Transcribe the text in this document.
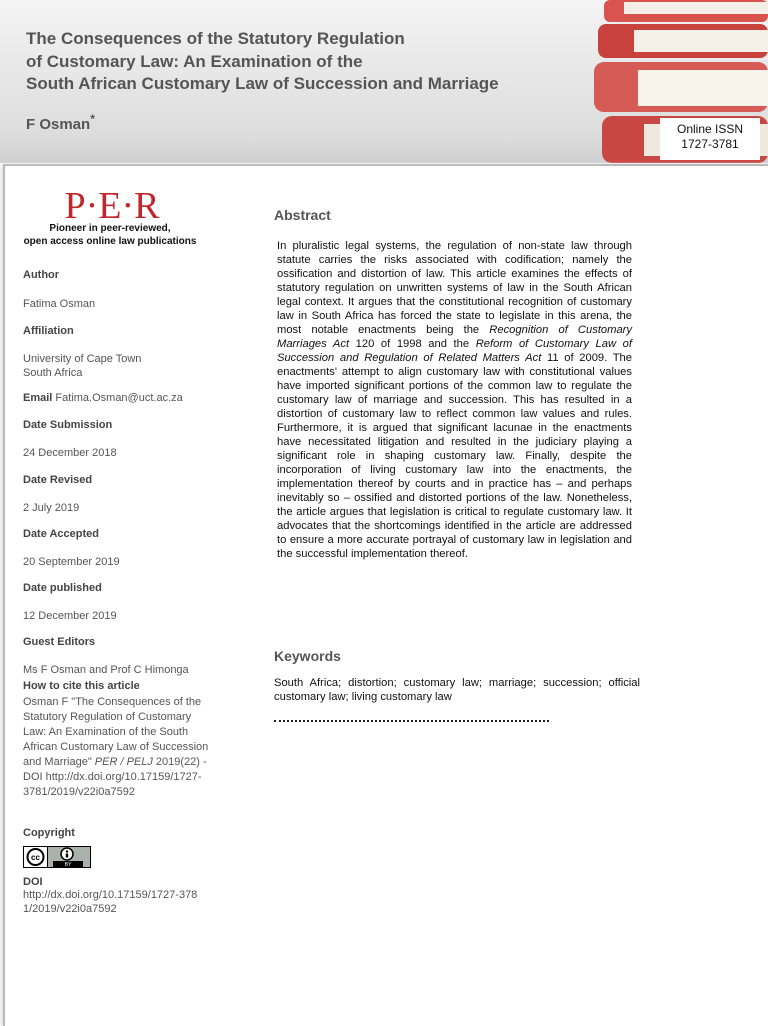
The Consequences of the Statutory Regulation
of Customary Law: An Examination of the
South African Customary Law of Succession and Marriage
F Osman*
Online ISSN
1727-3781
P·E·R
Pioneer in peer-reviewed,
open access online law publications
Author
Fatima Osman
Affiliation
University of Cape Town
South Africa
Email Fatima.Osman@uct.ac.za
Date Submission
24 December 2018
Date Revised
2 July 2019
Date Accepted
20 September 2019
Date published
12 December 2019
Guest Editors
Ms F Osman and Prof C Himonga
How to cite this article
Osman F "The Consequences of the Statutory Regulation of Customary Law: An Examination of the South African Customary Law of Succession and Marriage" PER / PELJ 2019(22) - DOI http://dx.doi.org/10.17159/1727-3781/2019/v22i0a7592
Copyright
cc
BY
DOI
http://dx.doi.org/10.17159/1727-3781/2019/v22i0a7592
Abstract

In pluralistic legal systems, the regulation of non-state law through statute carries the risks associated with codification; namely the ossification and distortion of law. This article examines the effects of statutory regulation on unwritten systems of law in the South African legal context. It argues that the constitutional recognition of customary law in South Africa has forced the state to legislate in this arena, the most notable enactments being the Recognition of Customary Marriages Act 120 of 1998 and the Reform of Customary Law of Succession and Regulation of Related Matters Act 11 of 2009. The enactments' attempt to align customary law with constitutional values have imported significant portions of the common law to regulate the customary law of marriage and succession. This has resulted in a distortion of customary law to reflect common law values and rules. Furthermore, it is argued that significant lacunae in the enactments have necessitated litigation and resulted in the judiciary playing a significant role in shaping customary law. Finally, despite the incorporation of living customary law into the enactments, the implementation thereof by courts and in practice has – and perhaps inevitably so – ossified and distorted portions of the law. Nonetheless, the article argues that legislation is critical to regulate customary law. It advocates that the shortcomings identified in the article are addressed to ensure a more accurate portrayal of customary law in legislation and the successful implementation thereof.

Keywords

South Africa; distortion; customary law; marriage; succession; official customary law; living customary law
